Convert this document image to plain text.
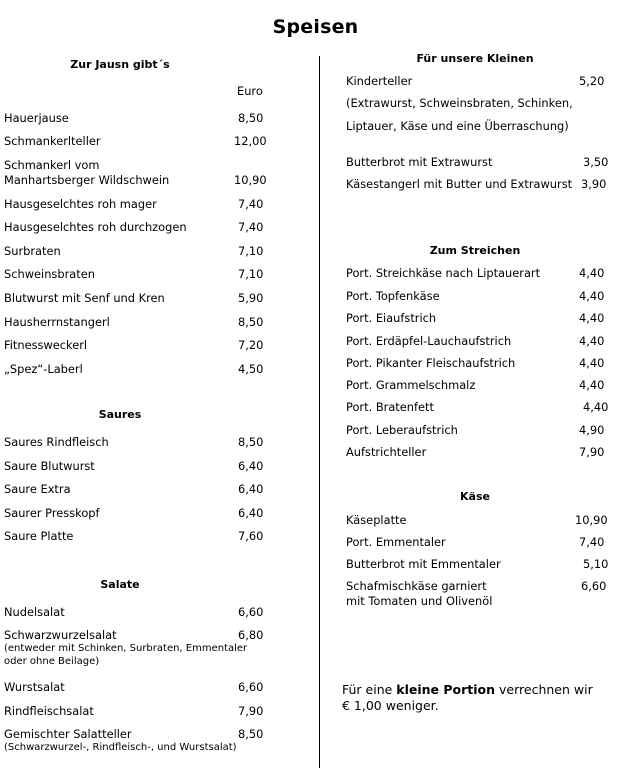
Speisen
Zur Jausn gibt´s
Euro
Hauerjause	8,50
Schmankerlteller	12,00
Schmankerl vom
Manhartsberger Wildschwein	10,90
Hausgeselchtes roh mager	7,40
Hausgeselchtes roh durchzogen	7,40
Surbraten	7,10
Schweinsbraten	7,10
Blutwurst mit Senf und Kren	5,90
Hausherrnstangerl	8,50
Fitnessweckerl	7,20
„Spez“-Laberl	4,50
Saures
Saures Rindfleisch	8,50
Saure Blutwurst	6,40
Saure Extra	6,40
Saurer Presskopf	6,40
Saure Platte	7,60
Salate
Nudelsalat	6,60
Schwarzwurzelsalat	6,80
(entweder mit Schinken, Surbraten, Emmentaler
oder ohne Beilage)
Wurstsalat	6,60
Rindfleischsalat	7,90
Gemischter Salatteller	8,50
(Schwarzwurzel-, Rindfleisch-, und Wurstsalat)
Für unsere Kleinen
Kinderteller	5,20
(Extrawurst, Schweinsbraten, Schinken,
Liptauer, Käse und eine Überraschung)
Butterbrot mit Extrawurst	3,50
Käsestangerl mit Butter und Extrawurst 3,90
Zum Streichen
Port. Streichkäse nach Liptauerart	4,40
Port. Topfenkäse	4,40
Port. Eiaufstrich	4,40
Port. Erdäpfel-Lauchaufstrich	4,40
Port. Pikanter Fleischaufstrich	4,40
Port. Grammelschmalz	4,40
Port. Bratenfett	4,40
Port. Leberaufstrich	4,90
Aufstrichteller	7,90
Käse
Käseplatte	10,90
Port. Emmentaler	7,40
Butterbrot mit Emmentaler	5,10
Schafmischkäse garniert
mit Tomaten und Olivenöl
6,60
Für eine kleine Portion verrechnen wir
€ 1,00 weniger.
